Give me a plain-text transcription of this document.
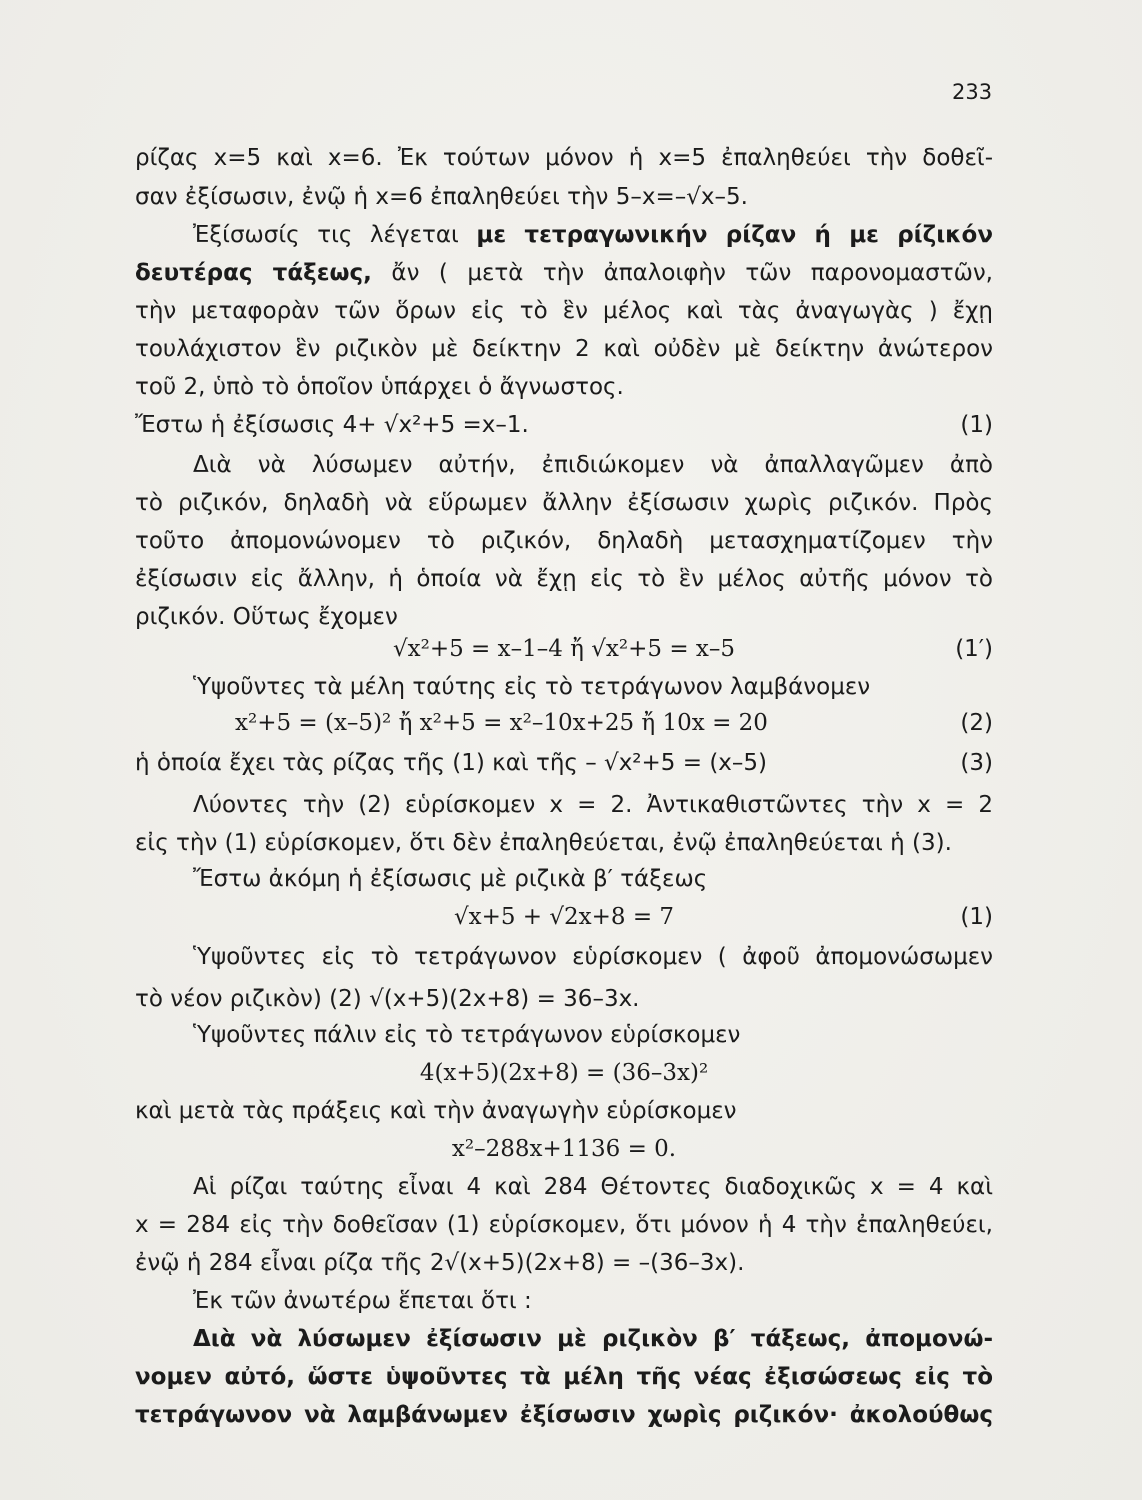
233
ρίζας x=5 καὶ x=6. Ἐκ τούτων μόνον ἡ x=5 ἐπαληθεύει τὴν δοθεῖ-
σαν ἐξίσωσιν, ἐνῷ ἡ x=6 ἐπαληθεύει τὴν 5–x=–√x–5.
Ἐξίσωσίς τις λέγεται με τετραγωνικήν ρίζαν ή με ρίζικόν
δευτέρας τάξεως, ἄν ( μετὰ τὴν ἀπαλοιφὴν τῶν παρονομαστῶν,
τὴν μεταφορὰν τῶν ὅρων εἰς τὸ ἓν μέλος καὶ τὰς ἀναγωγὰς ) ἔχῃ
τουλάχιστον ἓν ριζικὸν μὲ δείκτην 2 καὶ οὐδὲν μὲ δείκτην ἀνώτερον
τοῦ 2, ὑπὸ τὸ ὁποῖον ὑπάρχει ὁ ἄγνωστος.
Ἔστω ἡ ἐξίσωσις 4+ √x²+5 =x–1.	(1)
Διὰ νὰ λύσωμεν αὐτήν, ἐπιδιώκομεν νὰ ἀπαλλαγῶμεν ἀπὸ
τὸ ριζικόν, δηλαδὴ νὰ εὕρωμεν ἄλλην ἐξίσωσιν χωρὶς ριζικόν. Πρὸς
τοῦτο ἀπομονώνομεν τὸ ριζικόν, δηλαδὴ μετασχηματίζομεν τὴν
ἐξίσωσιν εἰς ἄλλην, ἡ ὁποία νὰ ἔχῃ εἰς τὸ ἓν μέλος αὐτῆς μόνον τὸ
ριζικόν. Οὕτως ἔχομεν
√x²+5 = x–1–4 ἤ √x²+5 = x–5	(1′)
Ὑψοῦντες τὰ μέλη ταύτης εἰς τὸ τετράγωνον λαμβάνομεν
x²+5 = (x–5)² ἤ x²+5 = x²–10x+25 ἤ 10x = 20	(2)
ἡ ὁποία ἔχει τὰς ρίζας τῆς (1) καὶ τῆς – √x²+5 = (x–5)	(3)
Λύοντες τὴν (2) εὑρίσκομεν x = 2. Ἀντικαθιστῶντες τὴν x = 2
εἰς τὴν (1) εὑρίσκομεν, ὅτι δὲν ἐπαληθεύεται, ἐνῷ ἐπαληθεύεται ἡ (3).
Ἔστω ἀκόμη ἡ ἐξίσωσις μὲ ριζικὰ β′ τάξεως
√x+5 + √2x+8 = 7	(1)
Ὑψοῦντες εἰς τὸ τετράγωνον εὑρίσκομεν ( ἀφοῦ ἀπομονώσωμεν
τὸ νέον ριζικὸν) (2) √(x+5)(2x+8) = 36–3x.
Ὑψοῦντες πάλιν εἰς τὸ τετράγωνον εὑρίσκομεν
4(x+5)(2x+8) = (36–3x)²
καὶ μετὰ τὰς πράξεις καὶ τὴν ἀναγωγὴν εὑρίσκομεν
x²–288x+1136 = 0.
Αἱ ρίζαι ταύτης εἶναι 4 καὶ 284 Θέτοντες διαδοχικῶς x = 4 καὶ
x = 284 εἰς τὴν δοθεῖσαν (1) εὑρίσκομεν, ὅτι μόνον ἡ 4 τὴν ἐπαληθεύει,
ἐνῷ ἡ 284 εἶναι ρίζα τῆς 2√(x+5)(2x+8) = –(36–3x).
Ἐκ τῶν ἀνωτέρω ἕπεται ὅτι :
Διὰ νὰ λύσωμεν ἐξίσωσιν μὲ ριζικὸν β′ τάξεως, ἀπομονώ-
νομεν αὐτό, ὥστε ὑψοῦντες τὰ μέλη τῆς νέας ἐξισώσεως εἰς τὸ
τετράγωνον νὰ λαμβάνωμεν ἐξίσωσιν χωρὶς ριζικόν· ἀκολούθως
